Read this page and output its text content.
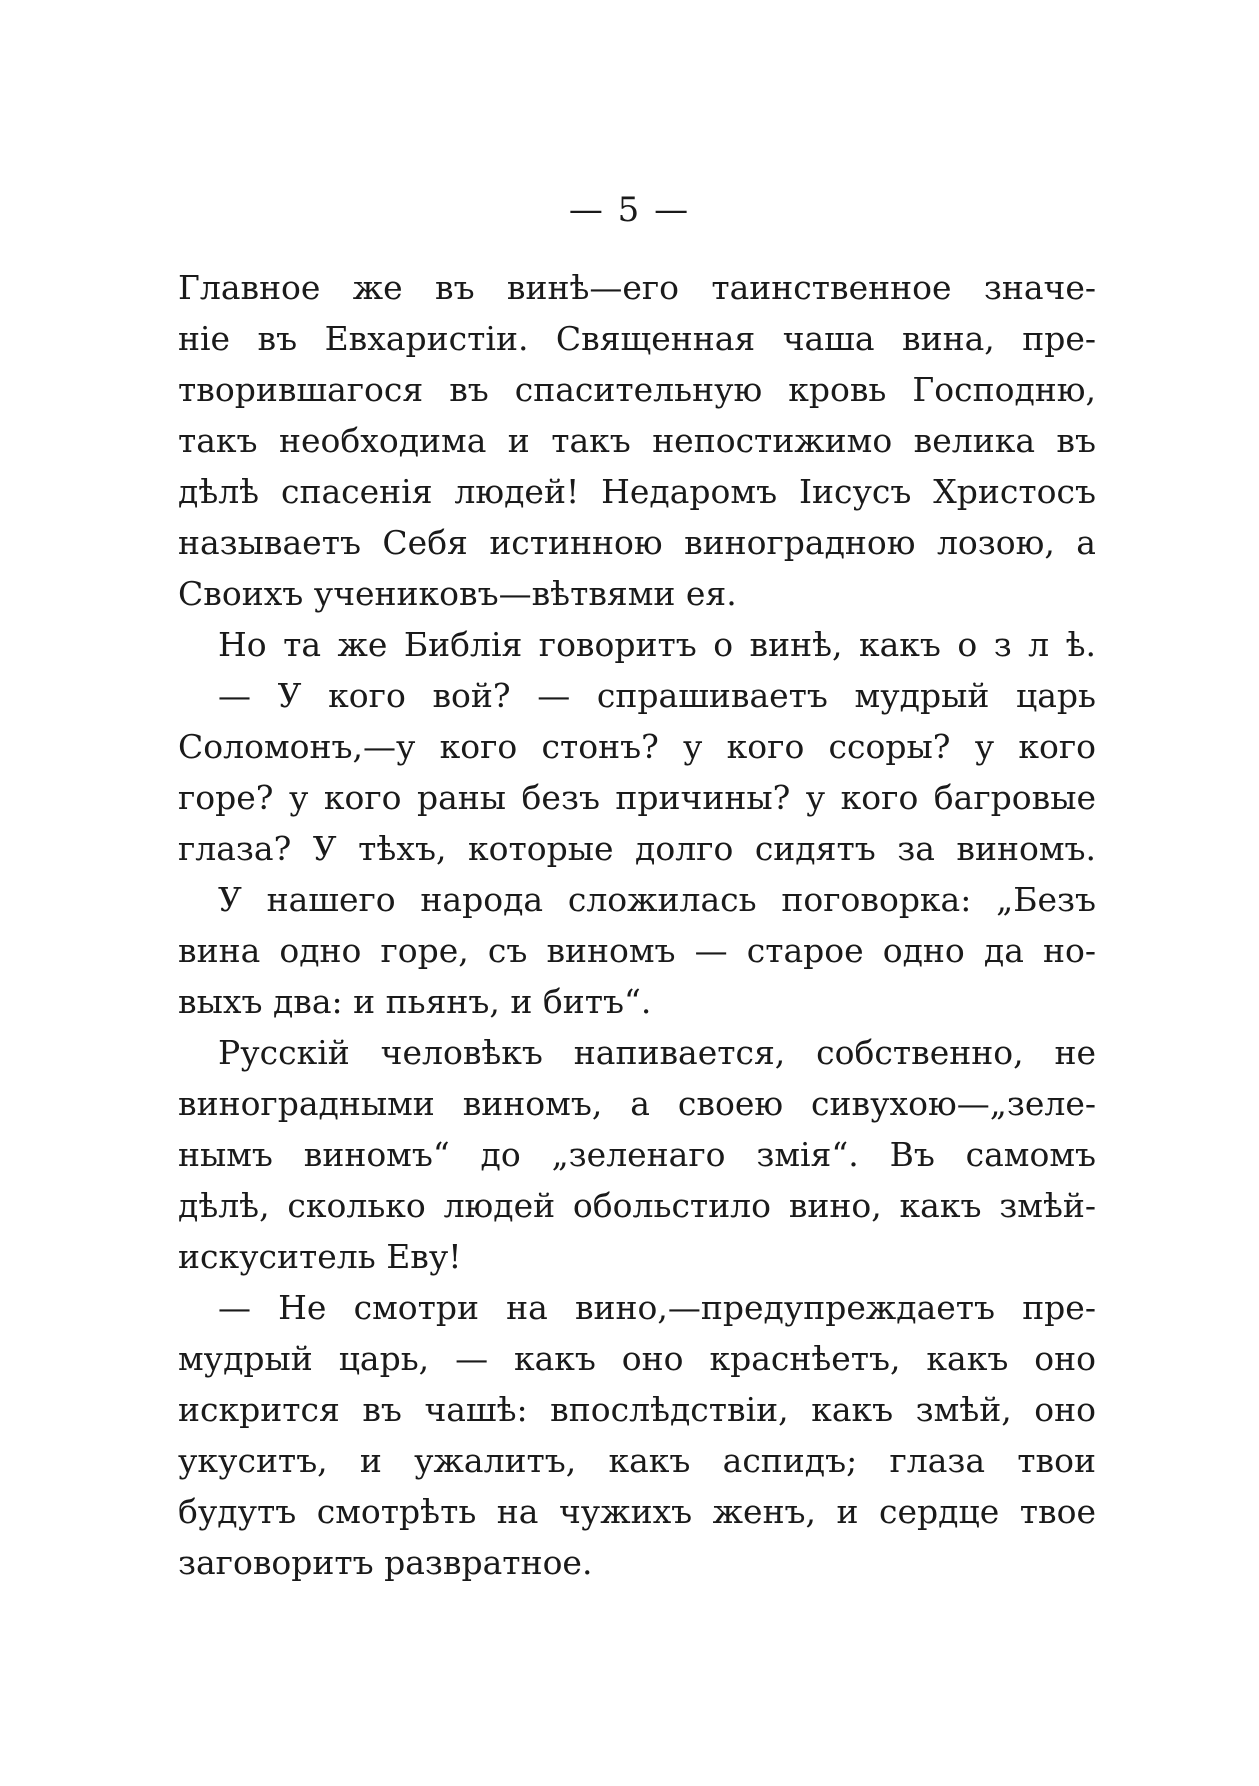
— 5 —
Главное же въ винѣ—его таинственное значе-
ніе въ Евхаристіи. Священная чаша вина, пре-
творившагося въ спасительную кровь Господню,
такъ необходима и такъ непостижимо велика въ
дѣлѣ спасенія людей! Недаромъ Іисусъ Христосъ
называетъ Себя истинною виноградною лозою, а
Своихъ учениковъ—вѣтвями ея.
Но та же Библія говоритъ о винѣ, какъ о з л ѣ.
— У кого вой? — спрашиваетъ мудрый царь
Соломонъ,—у кого стонъ? у кого ссоры? у кого
горе? у кого раны безъ причины? у кого багровые
глаза? У тѣхъ, которые долго сидятъ за виномъ.
У нашего народа сложилась поговорка: „Безъ
вина одно горе, съ виномъ — старое одно да но-
выхъ два: и пьянъ, и битъ“.
Русскій человѣкъ напивается, собственно, не
виноградными виномъ, а своею сивухою—„зеле-
нымъ виномъ“ до „зеленаго змія“. Въ самомъ
дѣлѣ, сколько людей обольстило вино, какъ змѣй-
искуситель Еву!
— Не смотри на вино,—предупреждаетъ пре-
мудрый царь, — какъ оно краснѣетъ, какъ оно
искрится въ чашѣ: впослѣдствіи, какъ змѣй, оно
укуситъ, и ужалитъ, какъ аспидъ; глаза твои
будутъ смотрѣть на чужихъ женъ, и сердце твое
заговоритъ развратное.
